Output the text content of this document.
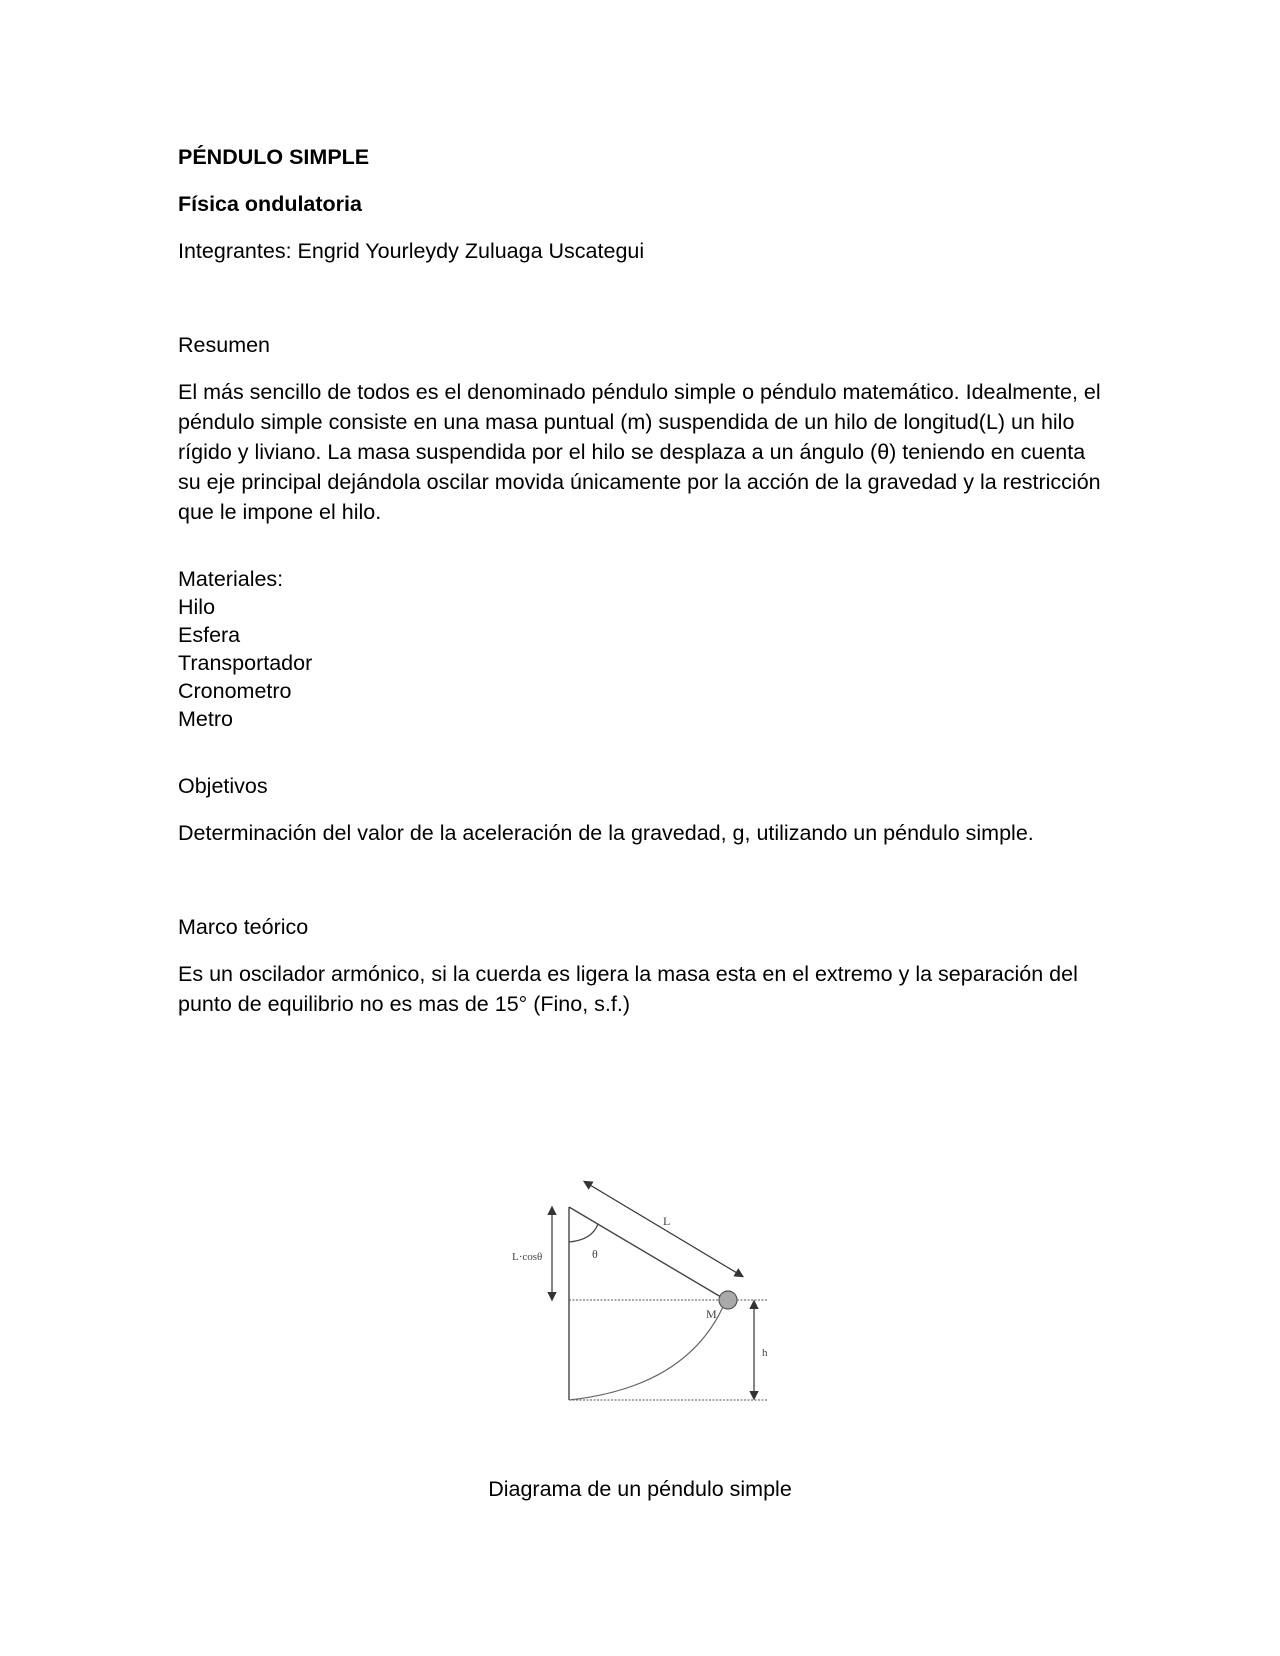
PÉNDULO SIMPLE

Física ondulatoria

Integrantes: Engrid Yourleydy Zuluaga Uscategui

Resumen

El más sencillo de todos es el denominado péndulo simple o péndulo matemático. Idealmente, el péndulo simple consiste en una masa puntual (m) suspendida de un hilo de longitud(L) un hilo rígido y liviano. La masa suspendida por el hilo se desplaza a un ángulo (θ) teniendo en cuenta su eje principal dejándola oscilar movida únicamente por la acción de la gravedad y la restricción que le impone el hilo.

Materiales:

Hilo
Esfera
Transportador
Cronometro
Metro

Objetivos

Determinación del valor de la aceleración de la gravedad, g, utilizando un péndulo simple.

Marco teórico

Es un oscilador armónico, si la cuerda es ligera la masa esta en el extremo y la separación del punto de equilibrio no es mas de 15° (Fino, s.f.)

L
θ
L·cosθ
M
h
Diagrama de un péndulo simple
